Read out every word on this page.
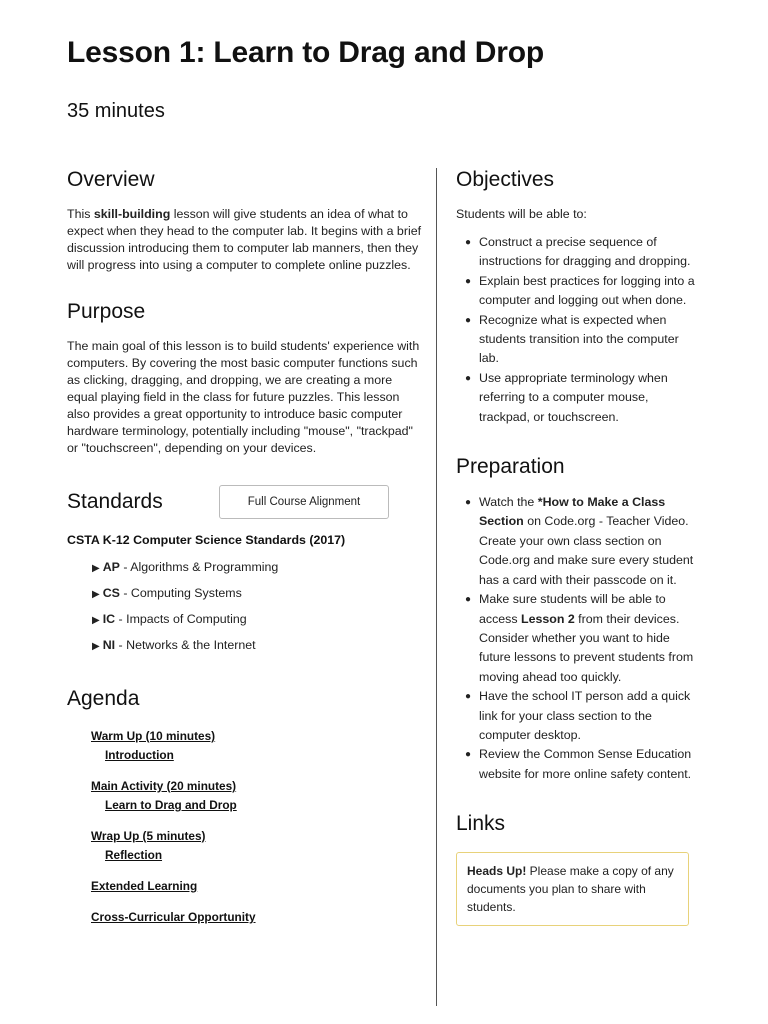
Lesson 1: Learn to Drag and Drop
35 minutes
Overview

This skill-building lesson will give students an idea of what to expect when they head to the computer lab. It begins with a brief discussion introducing them to computer lab manners, then they will progress into using a computer to complete online puzzles.

Purpose

The main goal of this lesson is to build students' experience with computers. By covering the most basic computer functions such as clicking, dragging, and dropping, we are creating a more equal playing field in the class for future puzzles. This lesson also provides a great opportunity to introduce basic computer hardware terminology, potentially including "mouse", "trackpad" or "touchscreen", depending on your devices.

Standards	Full Course Alignment
CSTA K-12 Computer Science Standards (2017)
▶ AP - Algorithms & Programming
▶ CS - Computing Systems
▶ IC - Impacts of Computing
▶ NI - Networks & the Internet
Agenda
Warm Up (10 minutes)
Introduction
Main Activity (20 minutes)
Learn to Drag and Drop
Wrap Up (5 minutes)
Reflection
Extended Learning
Cross-Curricular Opportunity
Objectives

Students will be able to:

● Construct a precise sequence of instructions for dragging and dropping.
● Explain best practices for logging into a computer and logging out when done.
● Recognize what is expected when students transition into the computer lab.
● Use appropriate terminology when referring to a computer mouse, trackpad, or touchscreen.
Preparation
● Watch the *How to Make a Class Section on Code.org - Teacher Video. Create your own class section on Code.org and make sure every student has a card with their passcode on it.
● Make sure students will be able to access Lesson 2 from their devices. Consider whether you want to hide future lessons to prevent students from moving ahead too quickly.
● Have the school IT person add a quick link for your class section to the computer desktop.
● Review the Common Sense Education website for more online safety content.
Links

Heads Up! Please make a copy of any documents you plan to share with students.
